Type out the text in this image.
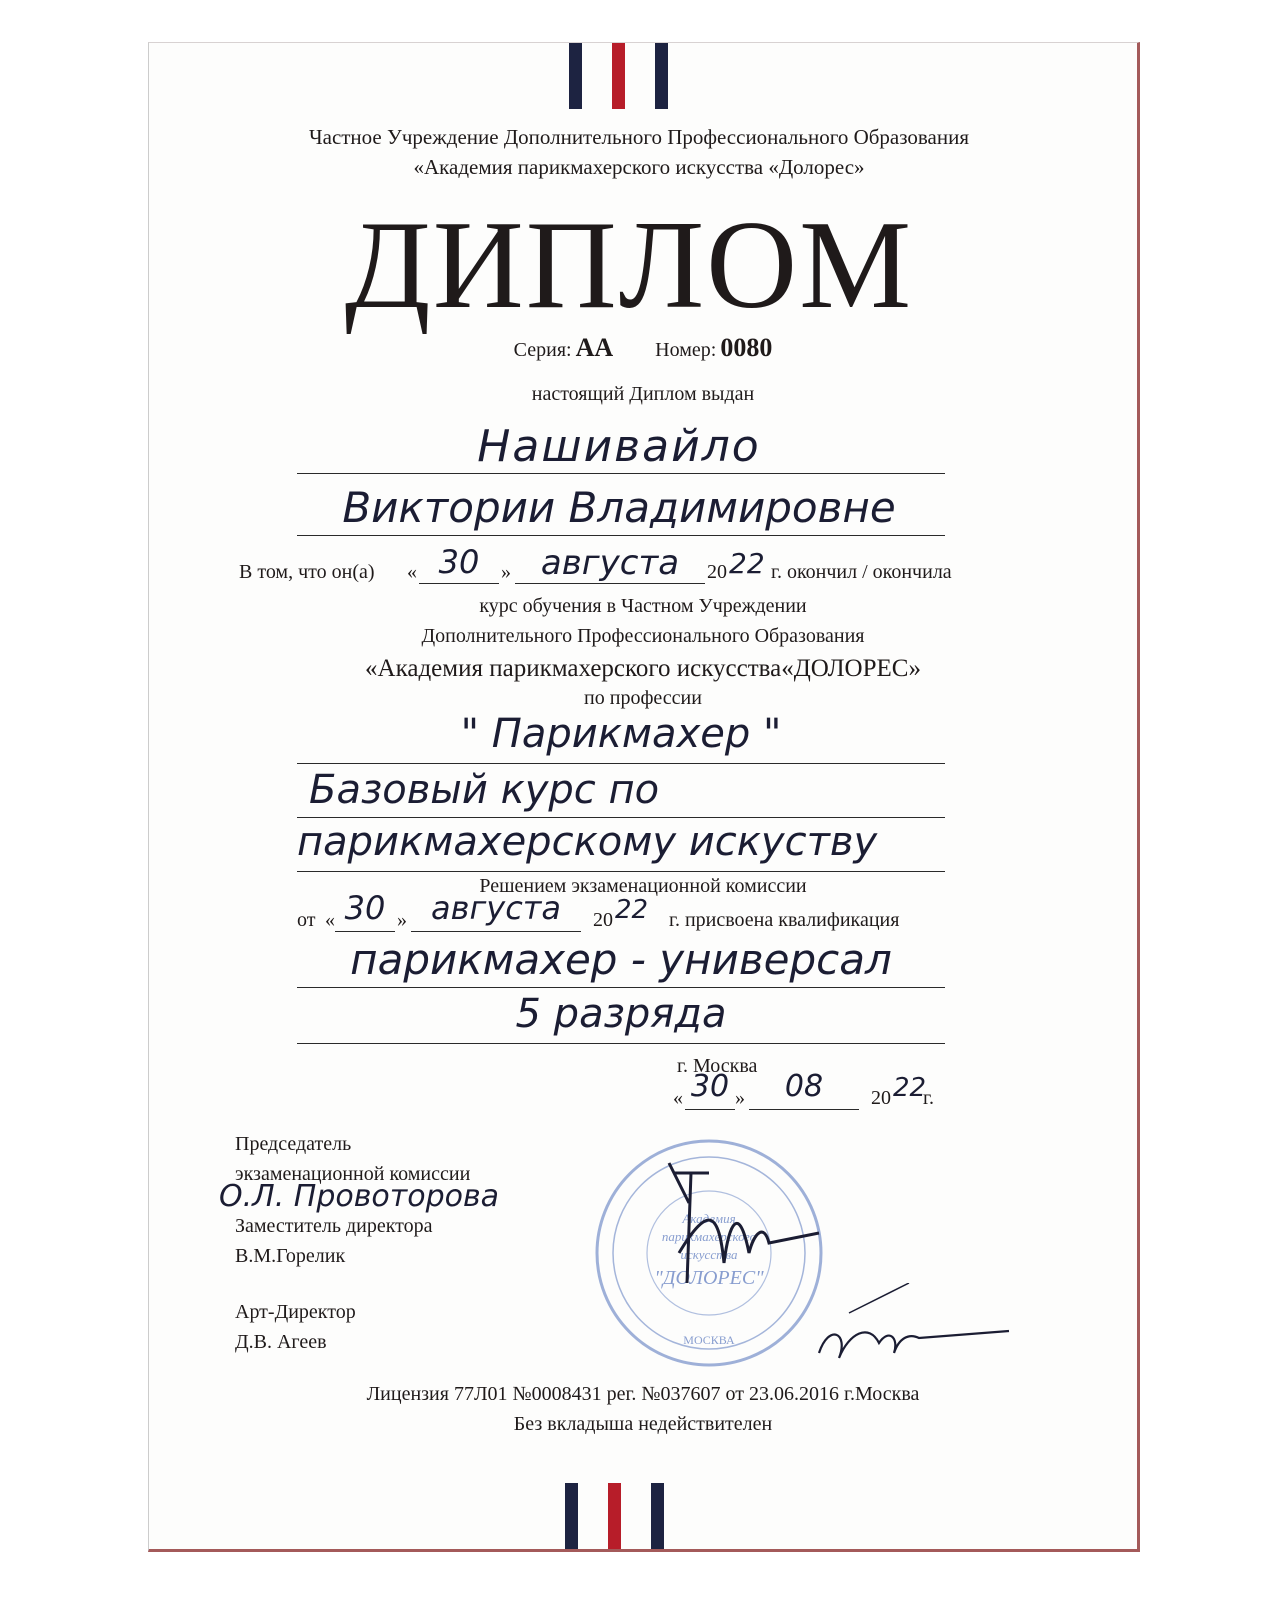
Частное Учреждение Дополнительного Профессионального Образования
«Академия парикмахерского искусства «Долорес»
ДИПЛОМ
Серия: АА Номер: 0080
настоящий Диплом выдан
Нашивайло
Виктории Владимировне
В том, что он(а) « 30	» августа	20 22 г. окончил / окончила
курс обучения в Частном Учреждении
Дополнительного Профессионального Образования
«Академия парикмахерского искусства«ДОЛОРЕС»
по профессии
" Парикмахер "
Базовый курс по
парикмахерскому искуству
Решением экзаменационной комиссии
от « 30 » августа	20 22 г. присвоена квалификация
парикмахер - универсал
5 разряда
г. Москва
« 30 »	08	20 22
г.
Председатель
экзаменационной комиссии
О.Л. Провоторова
Заместитель директора
В.М.Горелик
Арт-Директор
Д.В. Агеев
Академия
парикмахерского
искусства
"ДОЛОРЕС"
МОСКВА
Лицензия 77Л01 №0008431 рег. №037607 от 23.06.2016 г.Москва
Без вкладыша недействителен
